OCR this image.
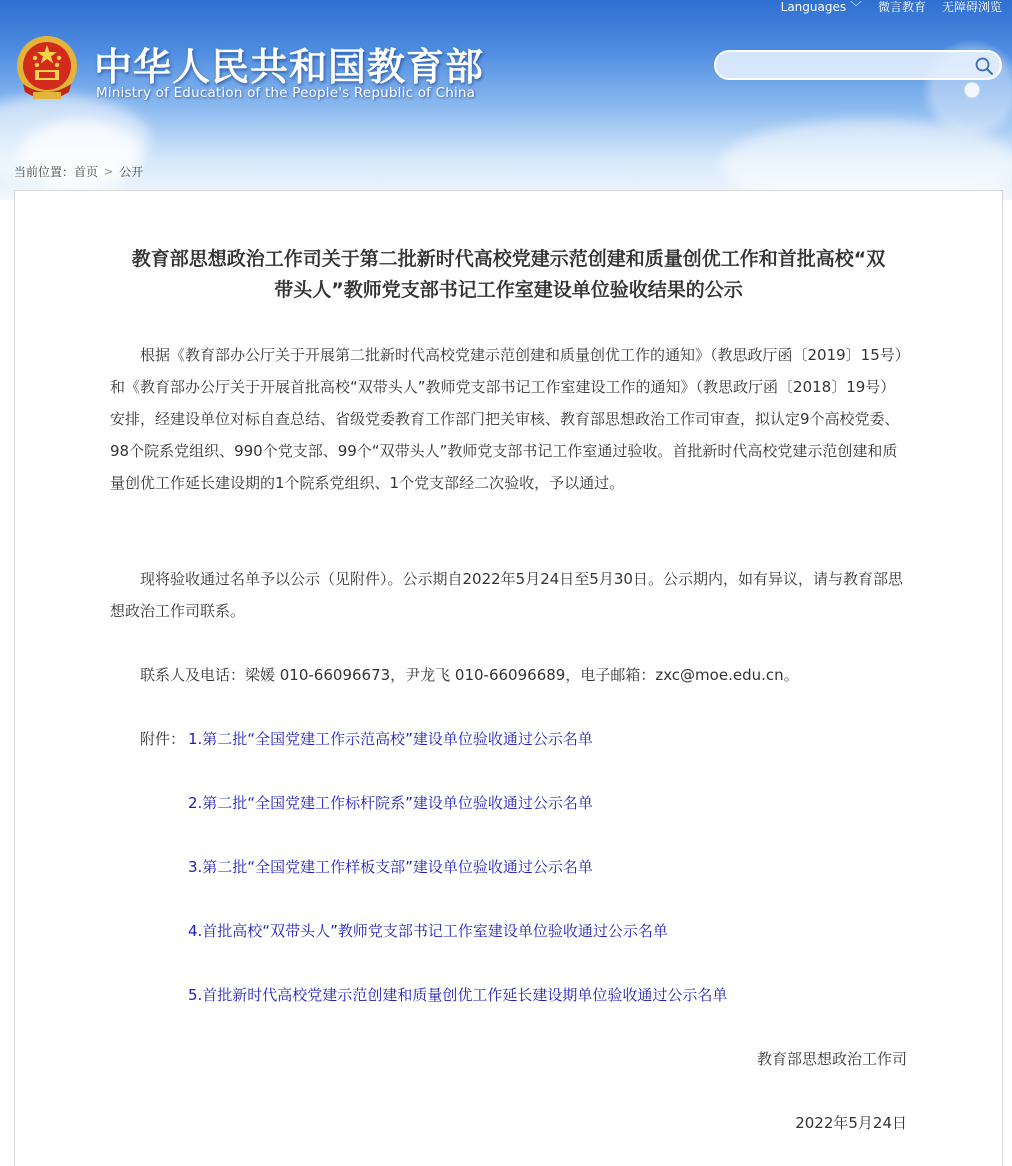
中华人民共和国教育部
Ministry of Education of the People's Republic of China
Languages ﹀ 微言教育 无障碍浏览
当前位置： 首页 > 公开
教育部思想政治工作司关于第二批新时代高校党建示范创建和质量创优工作和首批高校“双
带头人”教师党支部书记工作室建设单位验收结果的公示

根据《教育部办公厅关于开展第二批新时代高校党建示范创建和质量创优工作的通知》（教思政厅函〔2019〕15号）和《教育部办公厅关于开展首批高校“双带头人”教师党支部书记工作室建设工作的通知》（教思政厅函〔2018〕19号）安排，经建设单位对标自查总结、省级党委教育工作部门把关审核、教育部思想政治工作司审查，拟认定9个高校党委、98个院系党组织、990个党支部、99个“双带头人”教师党支部书记工作室通过验收。首批新时代高校党建示范创建和质量创优工作延长建设期的1个院系党组织、1个党支部经二次验收，予以通过。

现将验收通过名单予以公示（见附件）。公示期自2022年5月24日至5月30日。公示期内，如有异议，请与教育部思想政治工作司联系。

联系人及电话：梁媛 010-66096673，尹龙飞 010-66096689，电子邮箱：zxc@moe.edu.cn。

附件： 1.第二批“全国党建工作示范高校”建设单位验收通过公示名单
2.第二批“全国党建工作标杆院系”建设单位验收通过公示名单
3.第二批“全国党建工作样板支部”建设单位验收通过公示名单
4.首批高校“双带头人”教师党支部书记工作室建设单位验收通过公示名单
5.首批新时代高校党建示范创建和质量创优工作延长建设期单位验收通过公示名单
教育部思想政治工作司
2022年5月24日
